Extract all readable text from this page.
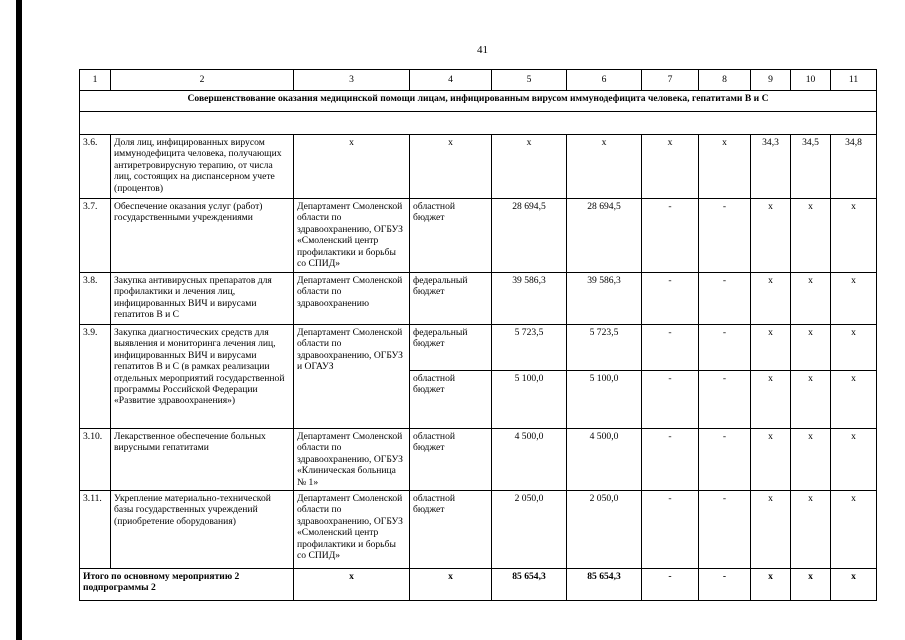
41
1	2	3	4	5	6	7	8	9	10	11
Совершенствование оказания медицинской помощи лицам, инфицированным вирусом иммунодефицита человека, гепатитами В и С										

3.6.	Доля лиц, инфицированных вирусом иммунодефицита человека, получающих антиретровирусную терапию, от числа лиц, состоящих на диспансерном учете (процентов)	х	х	х	х	х	х	34,3	34,5	34,8
3.7.	Обеспечение оказания услуг (работ) государственными учреждениями	Департамент Смоленской области по здравоохранению, ОГБУЗ «Смоленский центр профилактики и борьбы со СПИД»	областной бюджет	28 694,5	28 694,5	-	-	х	х	х
3.8.	Закупка антивирусных препаратов для профилактики и лечения лиц, инфицированных ВИЧ и вирусами гепатитов В и С	Департамент Смоленской области по здравоохранению	федеральный бюджет	39 586,3	39 586,3	-	-	х	х	х
3.9.	Закупка диагностических средств для выявления и мониторинга лечения лиц, инфицированных ВИЧ и вирусами гепатитов В и С (в рамках реализации отдельных мероприятий государственной программы Российской Федерации «Развитие здравоохранения»)	Департамент Смоленской области по здравоохранению, ОГБУЗ и ОГАУЗ	федеральный бюджет	5 723,5	5 723,5	-	-	х	х	х
			областной бюджет	5 100,0	5 100,0	-	-	х	х	х
3.10.	Лекарственное обеспечение больных вирусными гепатитами	Департамент Смоленской области по здравоохранению, ОГБУЗ «Клиническая больница № 1»	областной бюджет	4 500,0	4 500,0	-	-	х	х	х
3.11.	Укрепление материально-технической базы государственных учреждений (приобретение оборудования)	Департамент Смоленской области по здравоохранению, ОГБУЗ «Смоленский центр профилактики и борьбы со СПИД»	областной бюджет	2 050,0	2 050,0	-	-	х	х	х
Итого по основному мероприятию 2 подпрограммы 2		х	х	85 654,3	85 654,3	-	-	х	х	х
